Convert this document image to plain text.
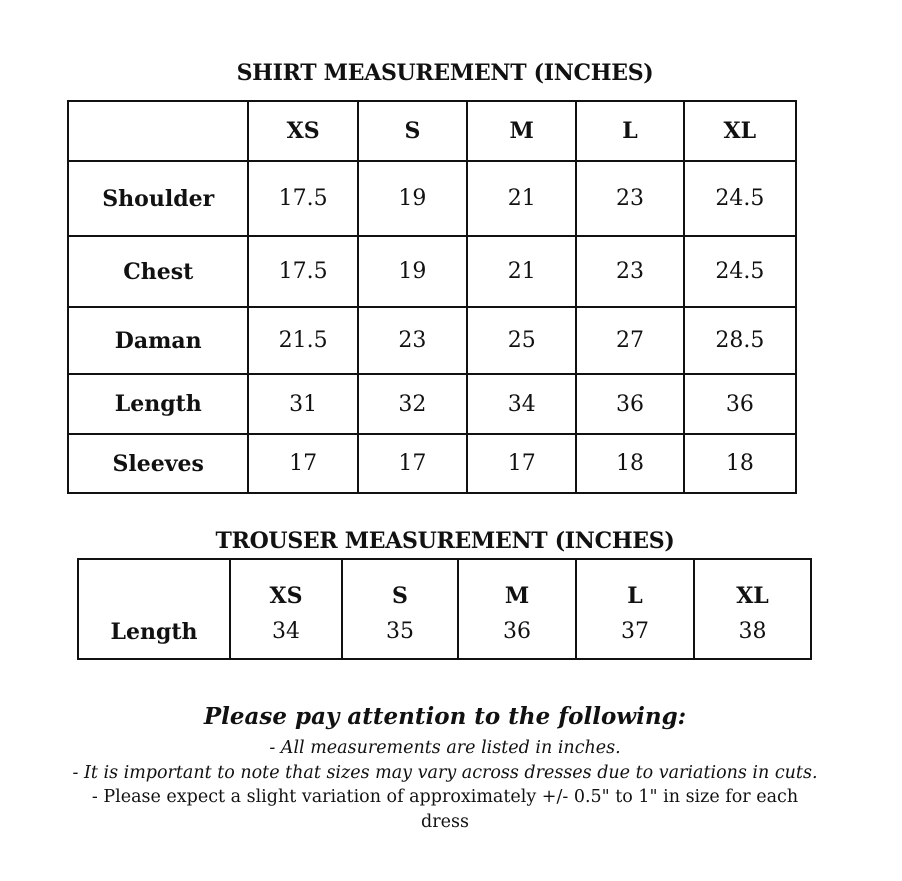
SHIRT MEASUREMENT (INCHES)
	XS	S	M	L	XL
Shoulder	17.5	19	21	23	24.5
Chest	17.5	19	21	23	24.5
Daman	21.5	23	25	27	28.5
Length	31	32	34	36	36
Sleeves	17	17	17	18	18
TROUSER MEASUREMENT (INCHES)
	XS	S	M	L	XL
Length	34	35	36	37	38
Please pay attention to the following:
- All measurements are listed in inches.
- It is important to note that sizes may vary across dresses due to variations in cuts.
- Please expect a slight variation of approximately +/- 0.5" to 1" in size for each
dress
